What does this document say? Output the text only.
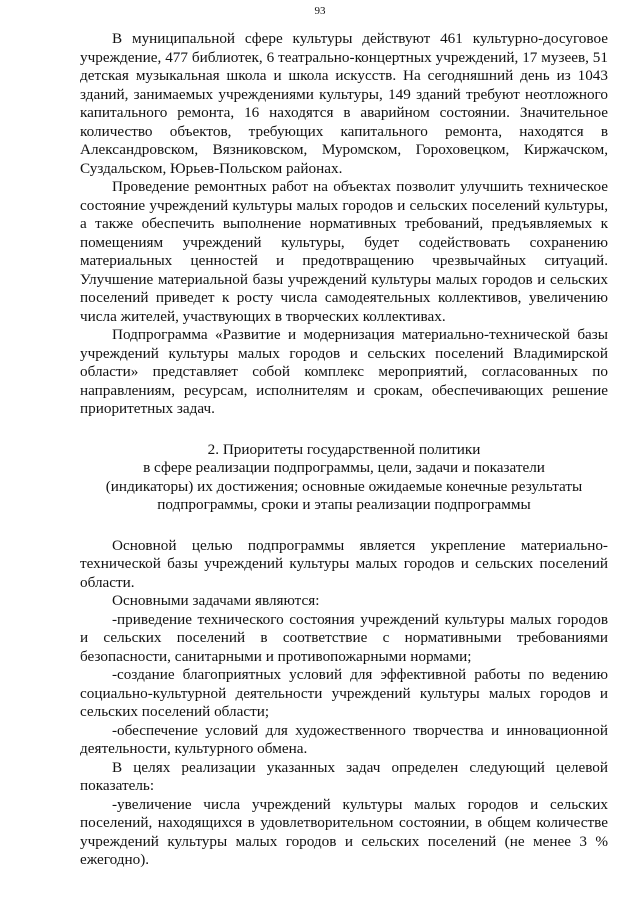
93

В муниципальной сфере культуры действуют 461 культурно-досуговое учреждение, 477 библиотек, 6 театрально-концертных учреждений, 17 музеев, 51 детская музыкальная школа и школа искусств. На сегодняшний день из 1043 зданий, занимаемых учреждениями культуры, 149 зданий требуют неотложного капитального ремонта, 16 находятся в аварийном состоянии. Значительное количество объектов, требующих капитального ремонта, находятся в Александровском, Вязниковском, Муромском, Гороховецком, Киржачском, Суздальском, Юрьев-Польском районах.

Проведение ремонтных работ на объектах позволит улучшить техническое состояние учреждений культуры малых городов и сельских поселений культуры, а также обеспечить выполнение нормативных требований, предъявляемых к помещениям учреждений культуры, будет содействовать сохранению материальных ценностей и предотвращению чрезвычайных ситуаций. Улучшение материальной базы учреждений культуры малых городов и сельских поселений приведет к росту числа самодеятельных коллективов, увеличению числа жителей, участвующих в творческих коллективах.

Подпрограмма «Развитие и модернизация материально-технической базы учреждений культуры малых городов и сельских поселений Владимирской области» представляет собой комплекс мероприятий, согласованных по направлениям, ресурсам, исполнителям и срокам, обеспечивающих решение приоритетных задач.

2. Приоритеты государственной политики
в сфере реализации подпрограммы, цели, задачи и показатели
(индикаторы) их достижения; основные ожидаемые конечные результаты
подпрограммы, сроки и этапы реализации подпрограммы

Основной целью подпрограммы является укрепление материально-технической базы учреждений культуры малых городов и сельских поселений области.

Основными задачами являются:

-приведение технического состояния учреждений культуры малых городов и сельских поселений в соответствие с нормативными требованиями безопасности, санитарными и противопожарными нормами;

-создание благоприятных условий для эффективной работы по ведению социально-культурной деятельности учреждений культуры малых городов и сельских поселений области;

-обеспечение условий для художественного творчества и инновационной деятельности, культурного обмена.

В целях реализации указанных задач определен следующий целевой показатель:

-увеличение числа учреждений культуры малых городов и сельских поселений, находящихся в удовлетворительном состоянии, в общем количестве учреждений культуры малых городов и сельских поселений (не менее 3 % ежегодно).
